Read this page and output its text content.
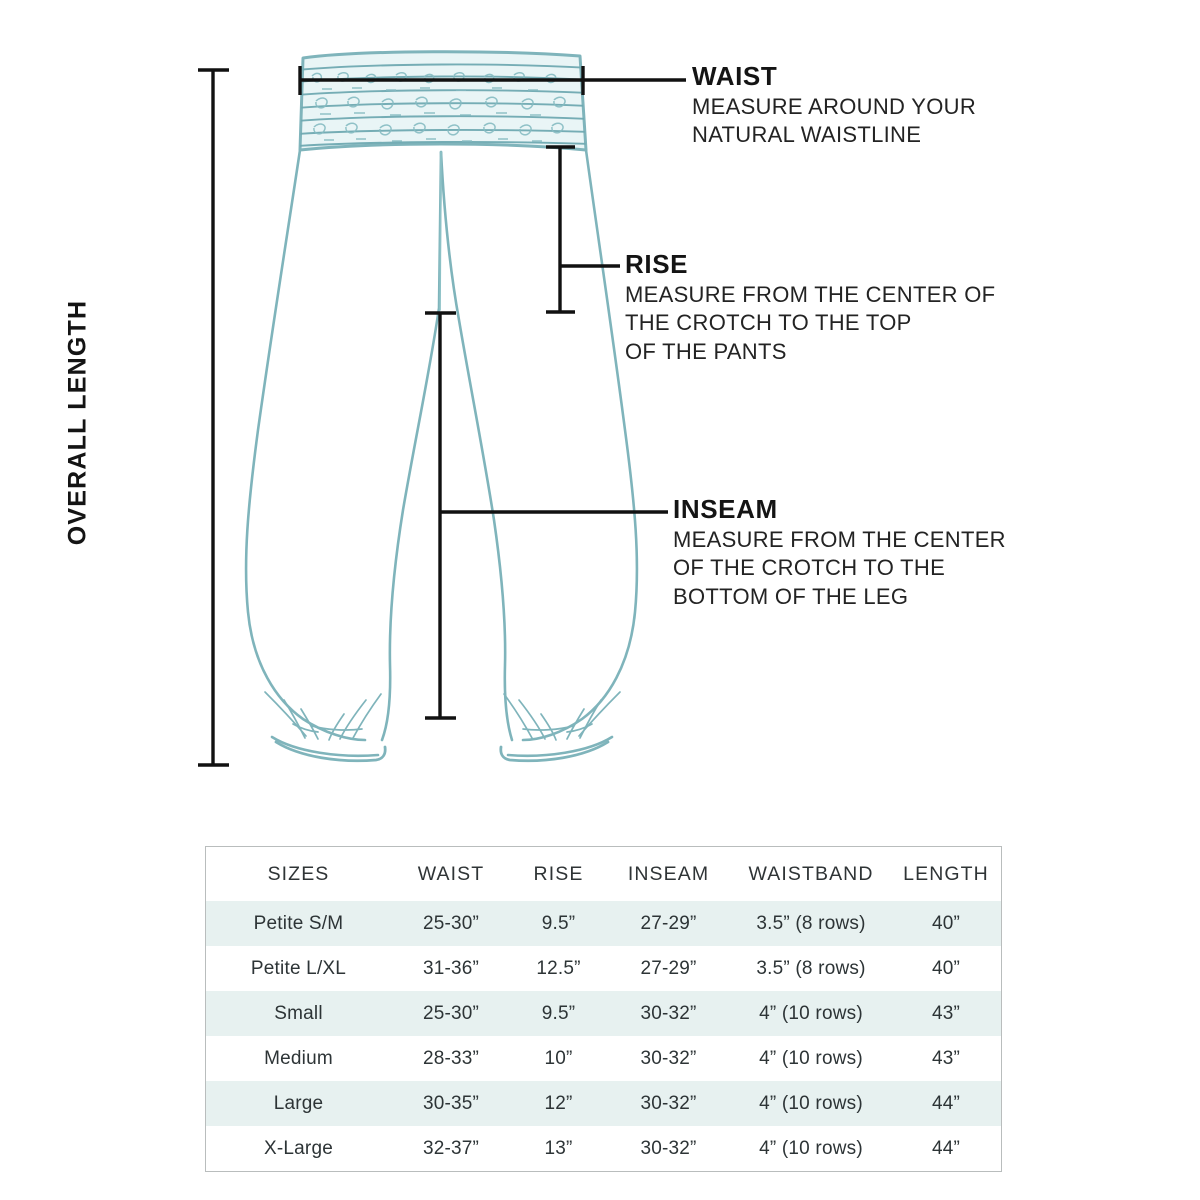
OVERALL LENGTH
WAIST
MEASURE AROUND YOUR
NATURAL WAISTLINE
RISE
MEASURE FROM THE CENTER OF
THE CROTCH TO THE TOP
OF THE PANTS
INSEAM
MEASURE FROM THE CENTER
OF THE CROTCH TO THE
BOTTOM OF THE LEG
SIZES	WAIST	RISE	INSEAM	WAISTBAND	LENGTH
Petite S/M	25-30”	9.5”	27-29”	3.5” (8 rows)	40”
Petite L/XL	31-36”	12.5”	27-29”	3.5” (8 rows)	40”
Small	25-30”	9.5”	30-32”	4” (10 rows)	43”
Medium	28-33”	10”	30-32”	4” (10 rows)	43”
Large	30-35”	12”	30-32”	4” (10 rows)	44”
X-Large	32-37”	13”	30-32”	4” (10 rows)	44”
